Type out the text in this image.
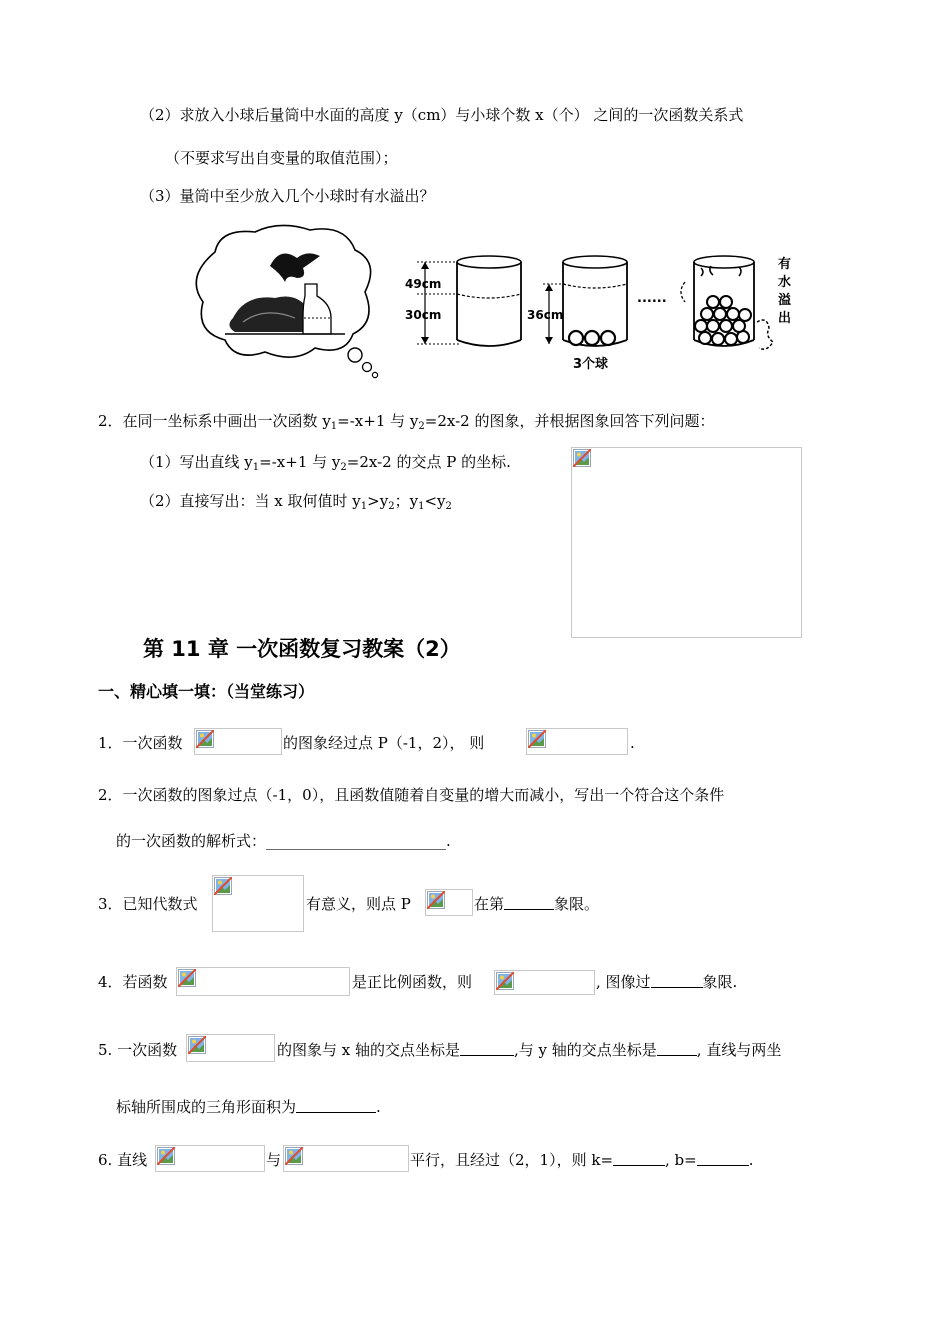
（2）求放入小球后量筒中水面的高度 y（cm）与小球个数 x（个） 之间的一次函数关系式
（不要求写出自变量的取值范围）；
（3）量筒中至少放入几个小球时有水溢出？
49cm
30cm	36cm
3个球
......
有
水
溢
出
2．在同一坐标系中画出一次函数 $y_1=-x+1$ 与 $y_2=2x-2$ 的图象，并根据图象回答下列问题：
（1）写出直线 $y_1=-x+1$ 与 $y_2=2x-2$ 的交点 P 的坐标.
（2）直接写出：当 x 取何值时 $y_1>y_2$；$y_1<y_2$
第 11 章 一次函数复习教案（2）
一、精心填一填：（当堂练习）
1．一次函数	的图象经过点 P（-1，2）， 则	.
2．一次函数的图象过点（-1，0），且函数值随着自变量的增大而减小，写出一个符合这个条件
的一次函数的解析式：________________________.
3．已知代数式	有意义，则点 P	在第	象限。
4．若函数	是正比例函数，则	, 图像过	象限.
5. 一次函数	的图象与 x 轴的交点坐标是	,与 y 轴的交点坐标是	, 直线与两坐
标轴所围成的三角形面积为	.
6. 直线	与	平行，且经过（2，1），则 k=	, b=	.
